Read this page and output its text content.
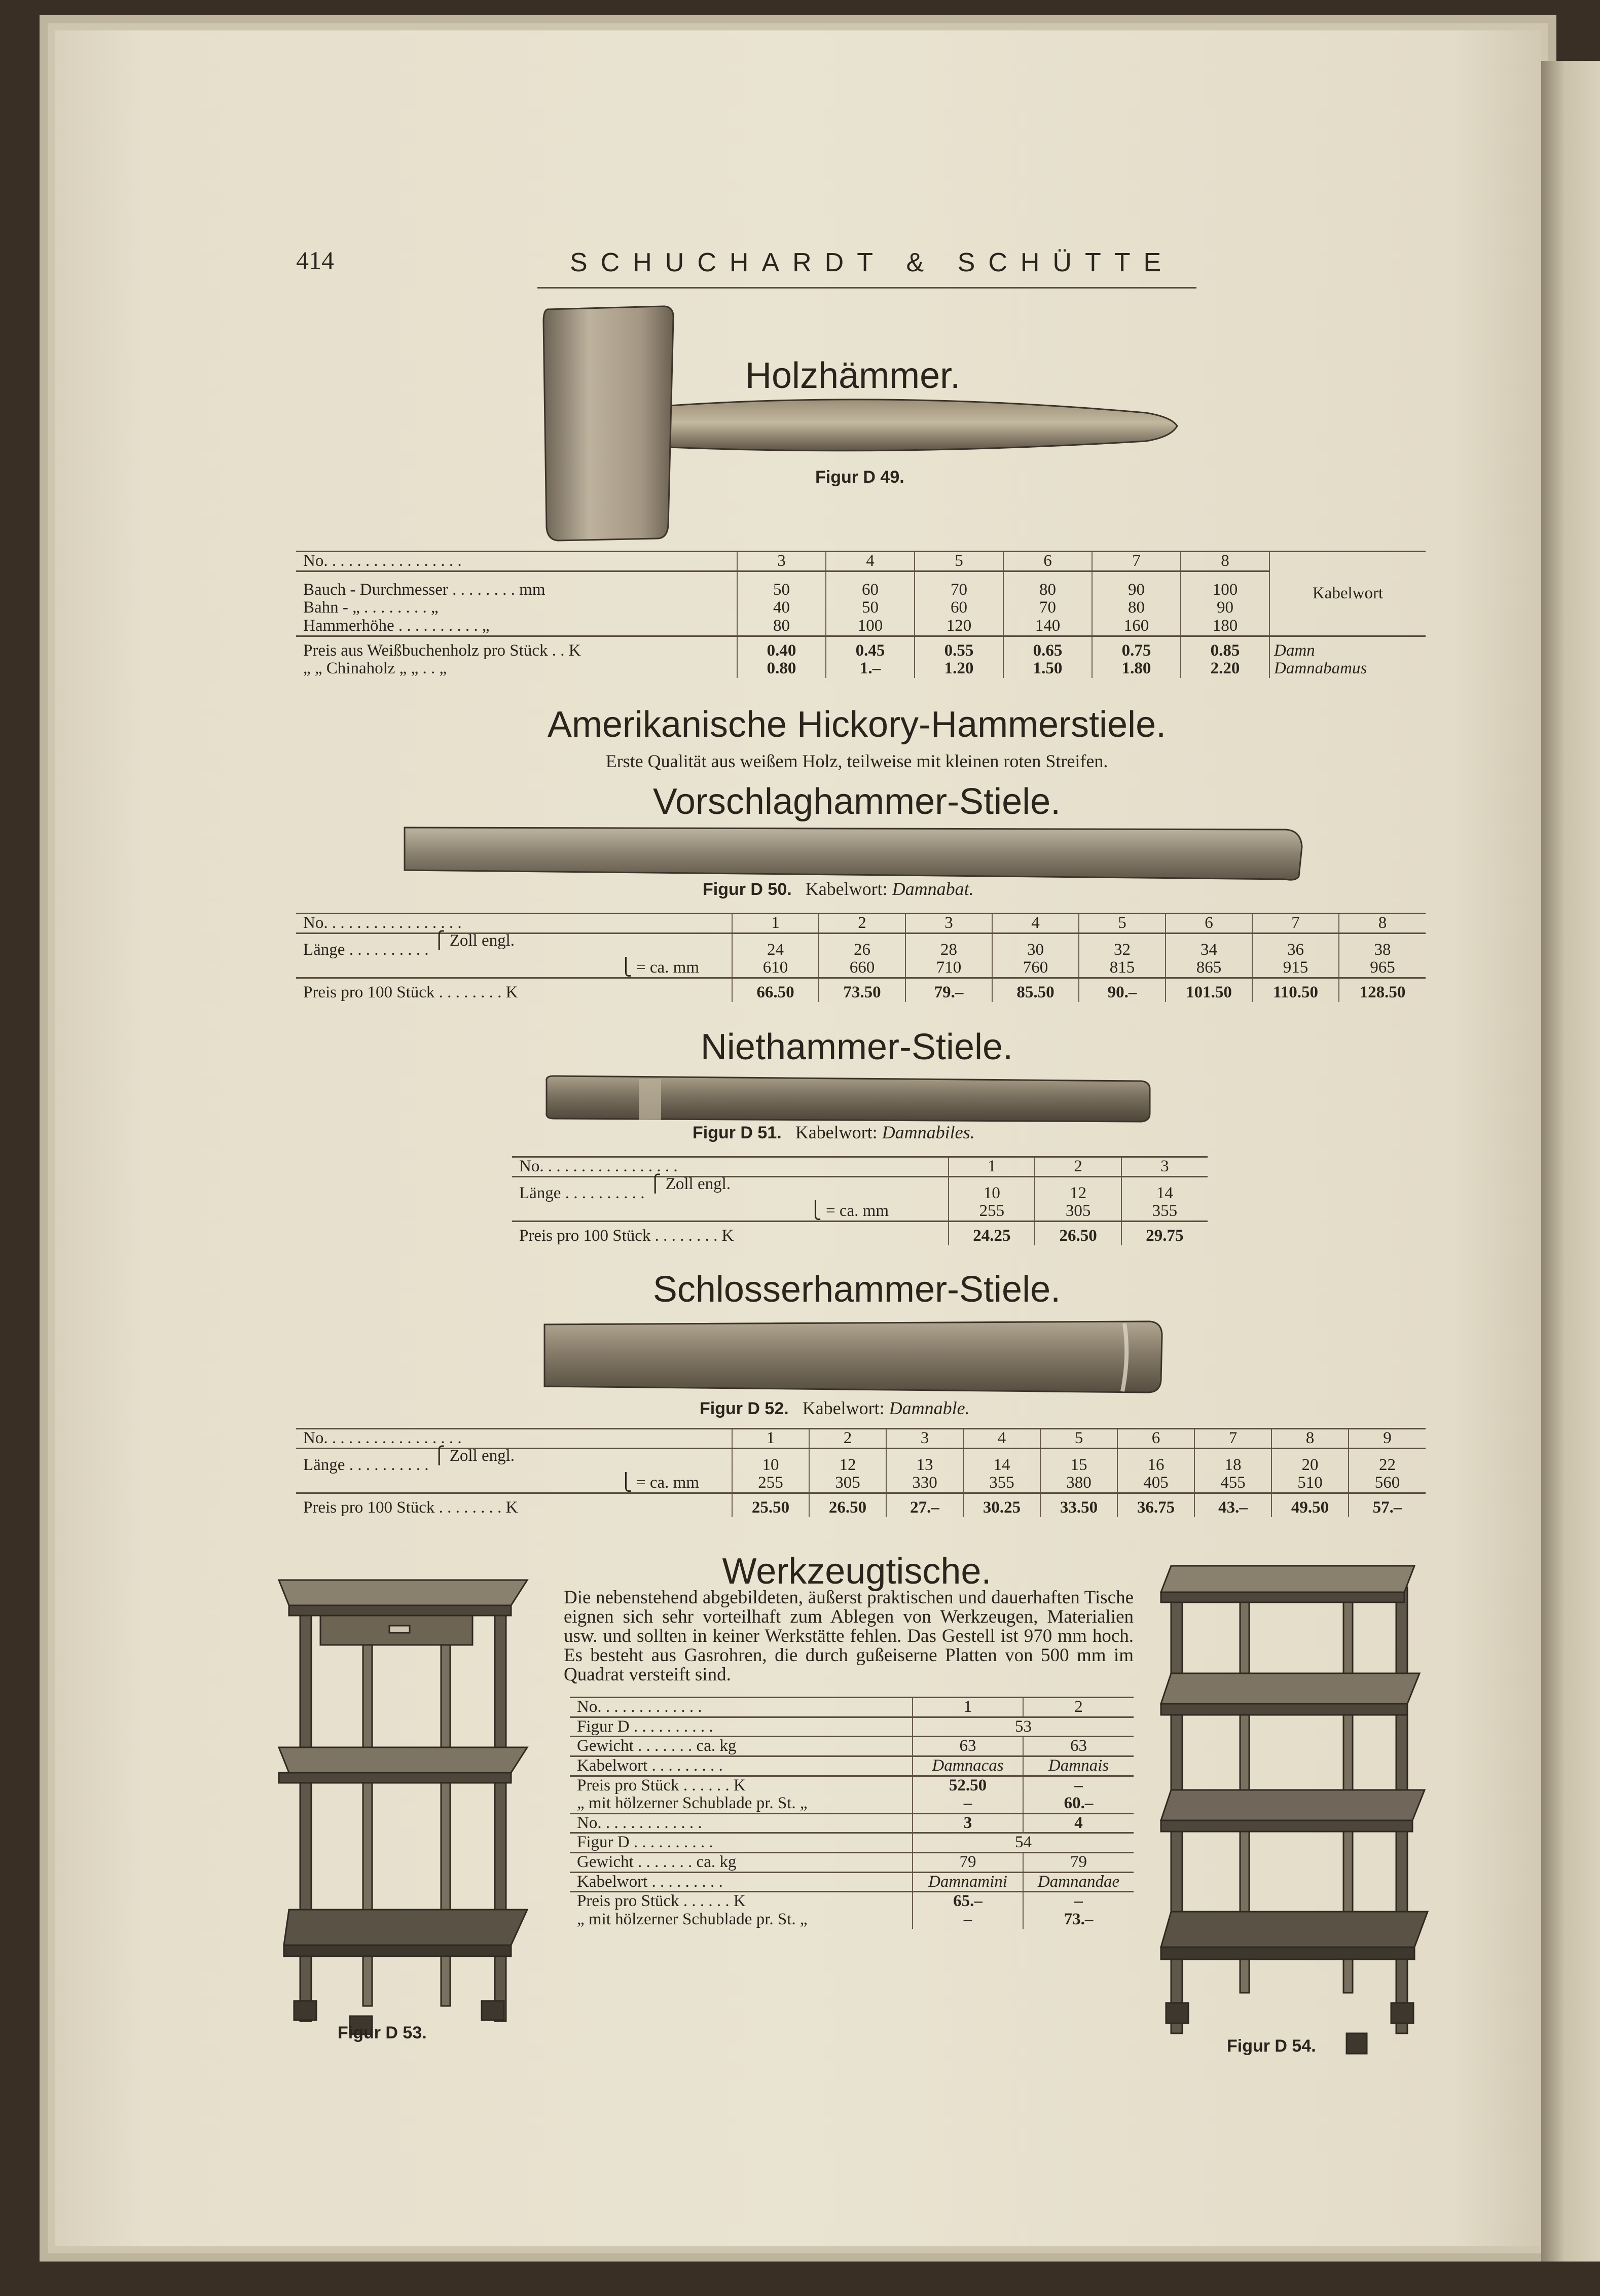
414	SCHUCHARDT & SCHÜTTE
Holzhämmer.
Figur D 49.
No. . . . . . . . . . . . . . . . .	3	4	5	6	7	8	Kabelwort
Bauch - Durchmesser . . . . . . . . mm	50	60	70	80	90	100	
Bahn - „ . . . . . . . . „	40	50	60	70	80	90	
Hammerhöhe . . . . . . . . . . „	80	100	120	140	160	180	
Preis aus Weißbuchenholz pro Stück . . K	0.40	0.45	0.55	0.65	0.75	0.85	Damn
„ „ Chinaholz „ „ . . „	0.80	1.–	1.20	1.50	1.80	2.20	Damnabamus
Amerikanische Hickory-Hammerstiele.
Erste Qualität aus weißem Holz, teilweise mit kleinen roten Streifen.
Vorschlaghammer-Stiele.
Figur D 50. Kabelwort: Damnabat.
No. . . . . . . . . . . . . . . . .	1	2	3	4	5	6	7	8
Länge . . . . . . . . . . ⎧ Zoll engl.	24	26	28	30	32	34	36	38
⎩ = ca. mm	610	660	710	760	815	865	915	965
Preis pro 100 Stück . . . . . . . . K	66.50	73.50	79.–	85.50	90.–	101.50	110.50	128.50
Niethammer-Stiele.
Figur D 51. Kabelwort: Damnabiles.
No. . . . . . . . . . . . . . . . .	1	2	3
Länge . . . . . . . . . . ⎧ Zoll engl.	10	12	14
⎩ = ca. mm	255	305	355
Preis pro 100 Stück . . . . . . . . K	24.25	26.50	29.75
Schlosserhammer-Stiele.
Figur D 52. Kabelwort: Damnable.
No. . . . . . . . . . . . . . . . .	1	2	3	4	5	6	7	8	9
Länge . . . . . . . . . . ⎧ Zoll engl.	10	12	13	14	15	16	18	20	22
⎩ = ca. mm	255	305	330	355	380	405	455	510	560
Preis pro 100 Stück . . . . . . . . K	25.50	26.50	27.–	30.25	33.50	36.75	43.–	49.50	57.–
Werkzeugtische.
Die nebenstehend abgebildeten, äußerst praktischen und dauerhaften Tische eignen sich sehr vorteilhaft zum Ablegen von Werkzeugen, Materialien usw. und sollten in keiner Werkstätte fehlen. Das Gestell ist 970 mm hoch. Es besteht aus Gasrohren, die durch gußeiserne Platten von 500 mm im Quadrat versteift sind.
Figur D 53.
Figur D 54.
No. . . . . . . . . . . . .	1	2
Figur D . . . . . . . . . .	53	
Gewicht . . . . . . . ca. kg	63	63
Kabelwort . . . . . . . . .	Damnacas	Damnais
Preis pro Stück . . . . . . K	52.50	–
„ mit hölzerner Schublade pr. St. „	–	60.–
No. . . . . . . . . . . . .	3	4
Figur D . . . . . . . . . .	54	
Gewicht . . . . . . . ca. kg	79	79
Kabelwort . . . . . . . . .	Damnamini	Damnandae
Preis pro Stück . . . . . . K	65.–	–
„ mit hölzerner Schublade pr. St. „	–	73.–
